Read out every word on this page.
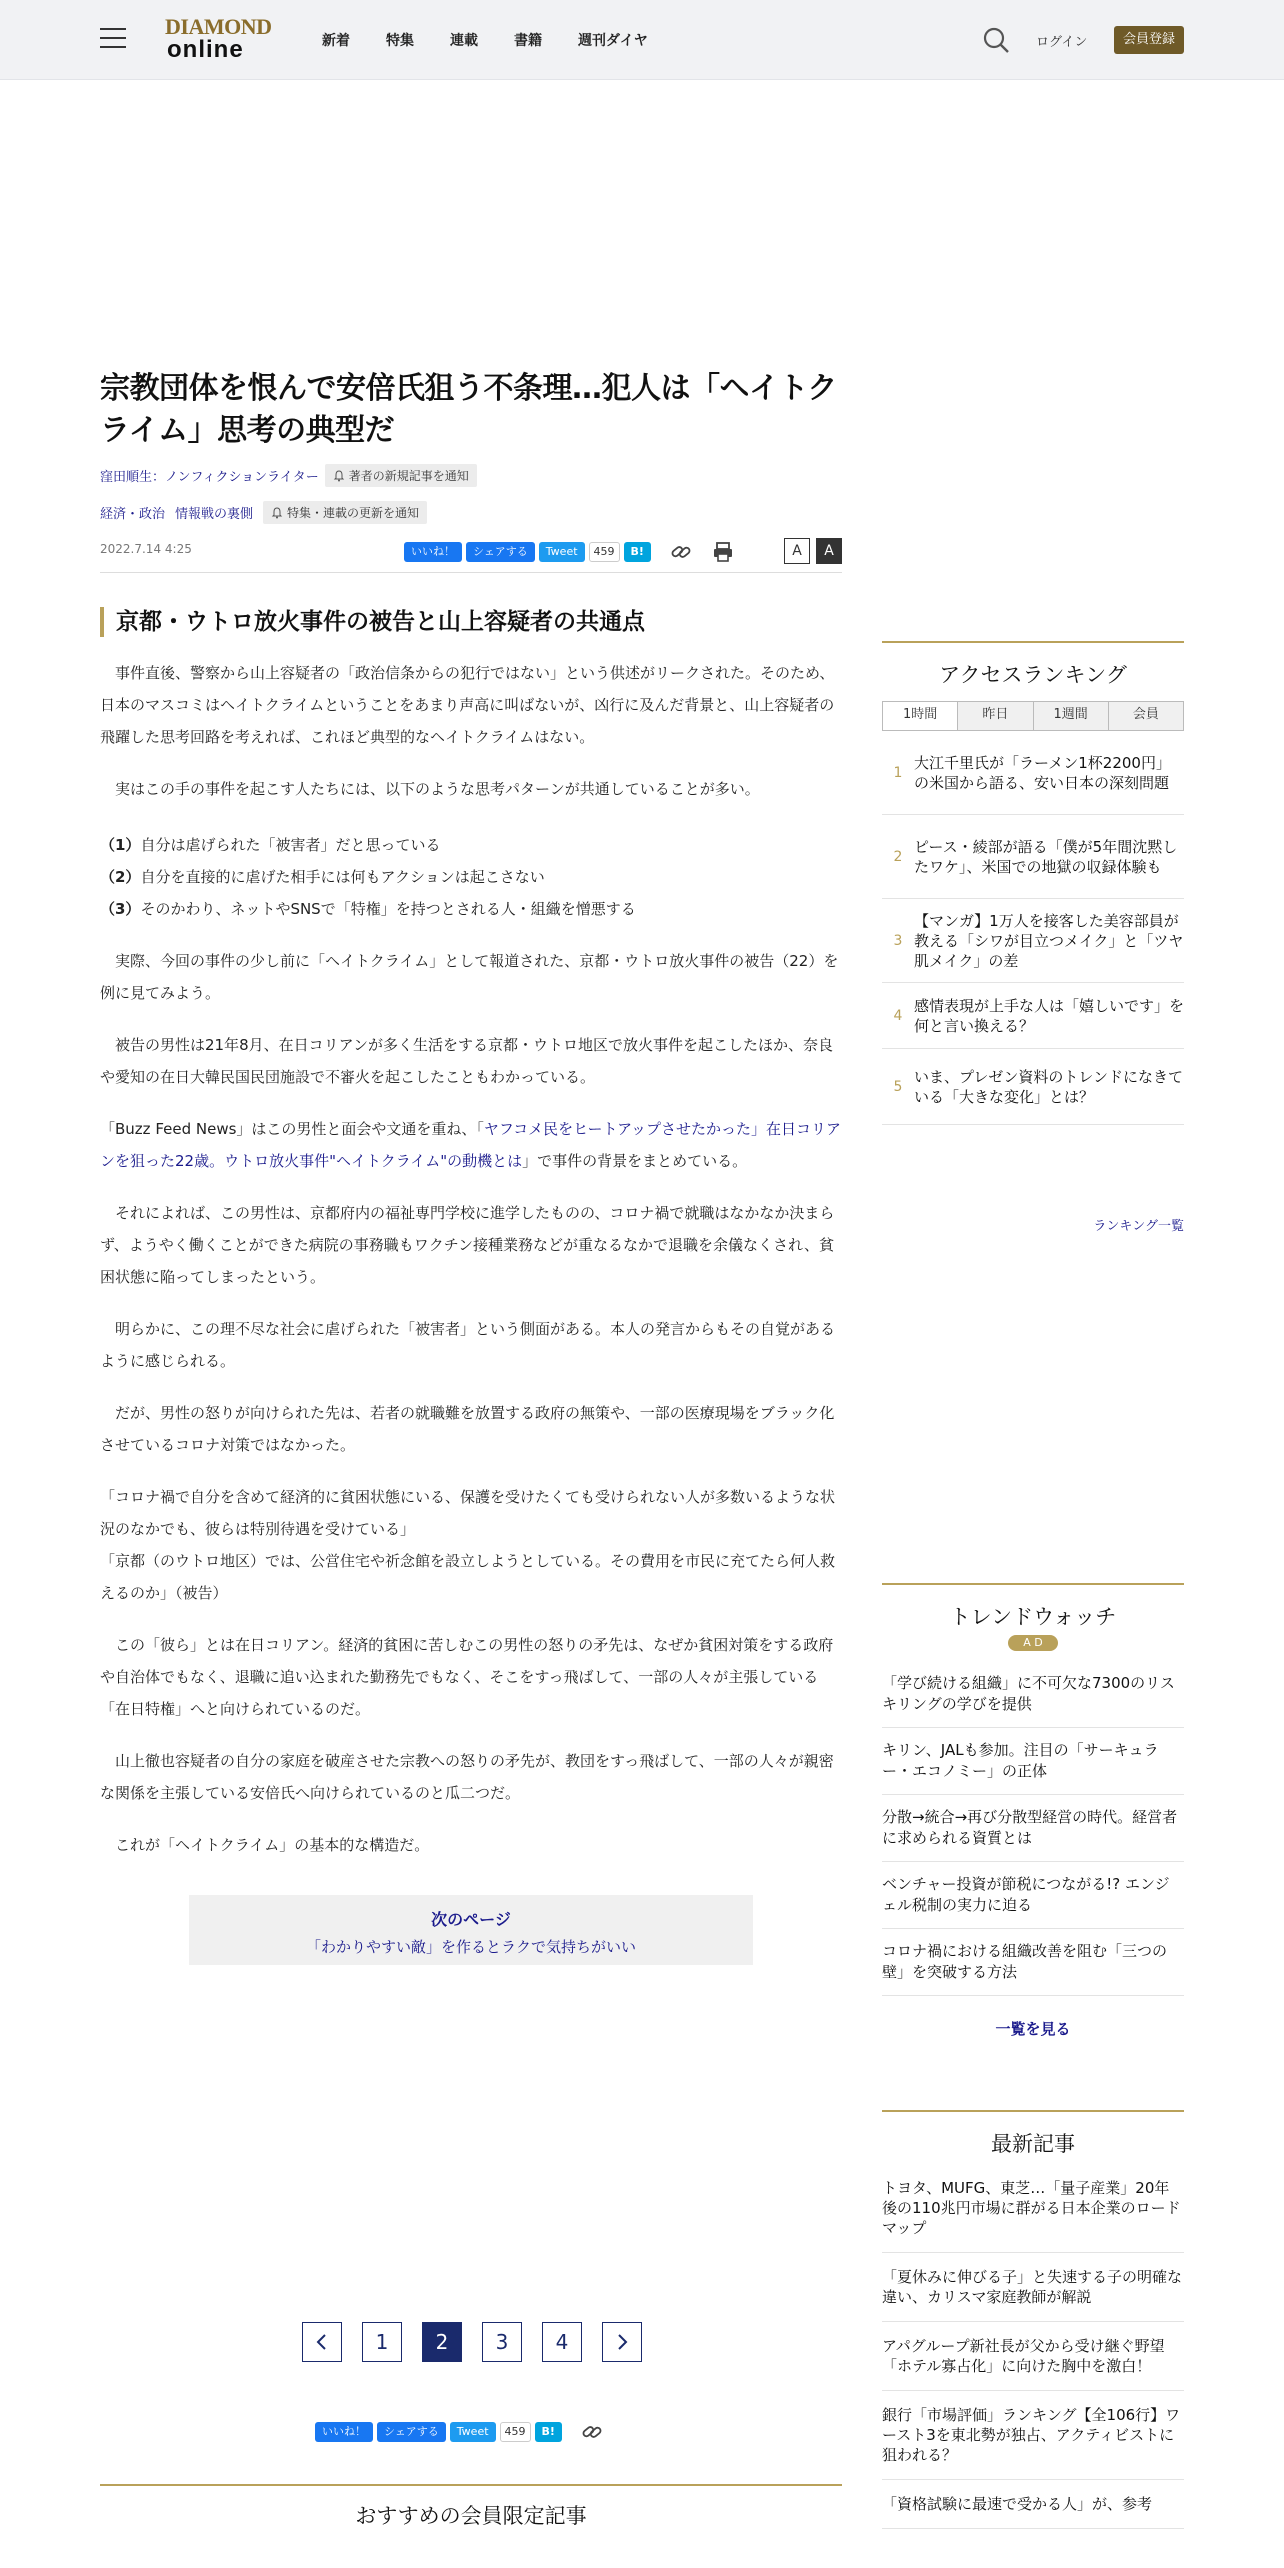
DIAMOND
online	新着	特集	連載	書籍	週刊ダイヤ	ログイン	会員登録
宗教団体を恨んで安倍氏狙う不条理…犯人は「ヘイトクライム」思考の典型だ
窪田順生：ノンフィクションライター	著者の新規記事を通知
経済・政治 情報戦の裏側	特集・連載の更新を通知
2022.7.14 4:25	いいね！	シェアする	Tweet	459	B!	A	A
京都・ウトロ放火事件の被告と山上容疑者の共通点

事件直後、警察から山上容疑者の「政治信条からの犯行ではない」という供述がリークされた。そのため、日本のマスコミはヘイトクライムということをあまり声高に叫ばないが、凶行に及んだ背景と、山上容疑者の飛躍した思考回路を考えれば、これほど典型的なヘイトクライムはない。

実はこの手の事件を起こす人たちには、以下のような思考パターンが共通していることが多い。

（1）自分は虐げられた「被害者」だと思っている
（2）自分を直接的に虐げた相手には何もアクションは起こさない
（3）そのかわり、ネットやSNSで「特権」を持つとされる人・組織を憎悪する

実際、今回の事件の少し前に「ヘイトクライム」として報道された、京都・ウトロ放火事件の被告（22）を例に見てみよう。

被告の男性は21年8月、在日コリアンが多く生活をする京都・ウトロ地区で放火事件を起こしたほか、奈良や愛知の在日大韓民国民団施設で不審火を起こしたこともわかっている。

「Buzz Feed News」はこの男性と面会や文通を重ね、「ヤフコメ民をヒートアップさせたかった」在日コリアンを狙った22歳。ウトロ放火事件"ヘイトクライム"の動機とは」で事件の背景をまとめている。

それによれば、この男性は、京都府内の福祉専門学校に進学したものの、コロナ禍で就職はなかなか決まらず、ようやく働くことができた病院の事務職もワクチン接種業務などが重なるなかで退職を余儀なくされ、貧困状態に陥ってしまったという。

明らかに、この理不尽な社会に虐げられた「被害者」という側面がある。本人の発言からもその自覚があるように感じられる。

だが、男性の怒りが向けられた先は、若者の就職難を放置する政府の無策や、一部の医療現場をブラック化させているコロナ対策ではなかった。

「コロナ禍で自分を含めて経済的に貧困状態にいる、保護を受けたくても受けられない人が多数いるような状況のなかでも、彼らは特別待遇を受けている」
「京都（のウトロ地区）では、公営住宅や祈念館を設立しようとしている。その費用を市民に充てたら何人救えるのか」（被告）

この「彼ら」とは在日コリアン。経済的貧困に苦しむこの男性の怒りの矛先は、なぜか貧困対策をする政府や自治体でもなく、退職に追い込まれた勤務先でもなく、そこをすっ飛ばして、一部の人々が主張している「在日特権」へと向けられているのだ。

山上徹也容疑者の自分の家庭を破産させた宗教への怒りの矛先が、教団をすっ飛ばして、一部の人々が親密な関係を主張している安倍氏へ向けられているのと瓜二つだ。

これが「ヘイトクライム」の基本的な構造だ。

次のページ
「わかりやすい敵」を作るとラクで気持ちがいい
1	2	3	4
いいね！	シェアする	Tweet	459	B!
おすすめの会員限定記事
アクセスランキング
1時間	昨日	1週間	会員
1
大江千里氏が「ラーメン1杯2200円」の米国から語る、安い日本の深刻問題
2
ピース・綾部が語る「僕が5年間沈黙したワケ」、米国での地獄の収録体験も
3
【マンガ】1万人を接客した美容部員が教える「シワが目立つメイク」と「ツヤ肌メイク」の差
4
感情表現が上手な人は「嬉しいです」を何と言い換える？
5
いま、プレゼン資料のトレンドになきている「大きな変化」とは？
ランキング一覧
トレンドウォッチ
A D
「学び続ける組織」に不可欠な7300のリスキリングの学びを提供
キリン、JALも参加。注目の「サーキュラー・エコノミー」の正体
分散→統合→再び分散型経営の時代。経営者に求められる資質とは
ベンチャー投資が節税につながる!? エンジェル税制の実力に迫る
コロナ禍における組織改善を阻む「三つの壁」を突破する方法
一覧を見る
最新記事
トヨタ、MUFG、東芝…「量子産業」20年後の110兆円市場に群がる日本企業のロードマップ
「夏休みに伸びる子」と失速する子の明確な違い、カリスマ家庭教師が解説
アパグループ新社長が父から受け継ぐ野望「ホテル寡占化」に向けた胸中を激白！
銀行「市場評価」ランキング【全106行】ワースト3を東北勢が独占、アクティビストに狙われる？
「資格試験に最速で受かる人」が、参考
